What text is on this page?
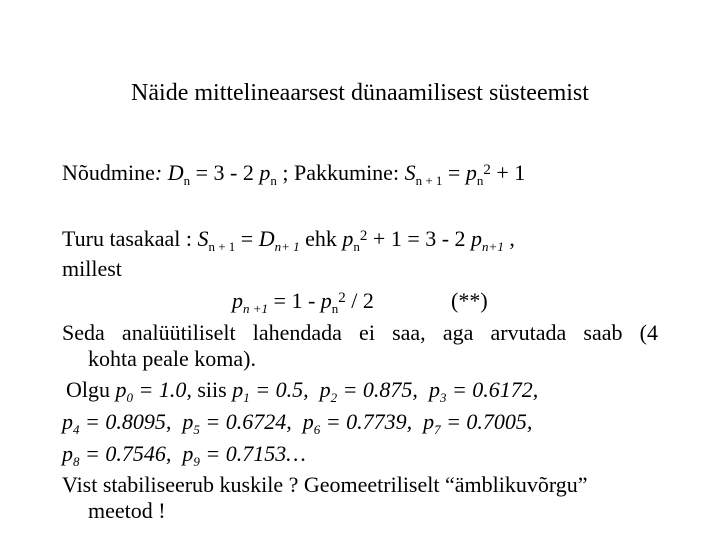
Näide mittelineaarsest dünaamilisest süsteemist
Nõudmine: $D_n = 3 - 2$ $p_n$ ; Pakkumine: $S_{n + 1} = p_n^2 + 1$
Turu tasakaal : $S_{n + 1} = D_{n+ 1}$ ehk $p_n^2 + 1 = 3 - 2$ $p_{n+1}$ ,
millest
$p_{n +1} = 1 - p_n^2 / 2$	(**)
Seda analüütiliselt lahendada ei saa, aga arvutada saab (4
kohta peale koma).
Olgu $p_0 = 1.0$, siis $p_1 = 0.5$, $p_2 = 0.875$, $p_3 = 0.6172$,
$p_4 = 0.8095$, $p_5 = 0.6724$, $p_6 = 0.7739$, $p_7 = 0.7005$,
$p_8 = 0.7546$, $p_9$ = 0.7153…
Vist stabiliseerub kuskile ? Geomeetriliselt “ämblikuvõrgu”
meetod !
